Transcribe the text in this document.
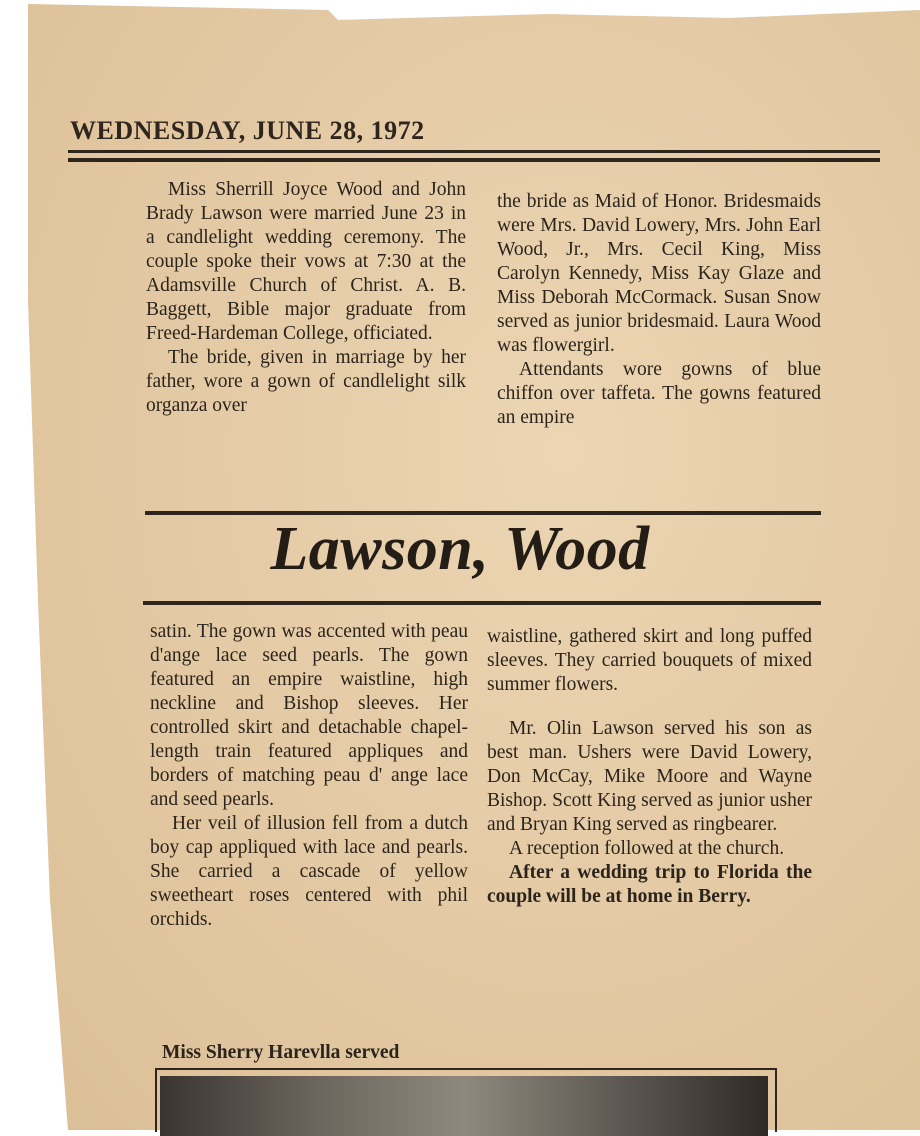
WEDNESDAY, JUNE 28, 1972

Miss Sherrill Joyce Wood and John Brady Lawson were married June 23 in a candlelight wedding ceremony. The couple spoke their vows at 7:30 at the Adamsville Church of Christ. A. B. Baggett, Bible major graduate from Freed-Hardeman College, officiated.

The bride, given in marriage by her father, wore a gown of candlelight silk organza over

the bride as Maid of Honor. Bridesmaids were Mrs. David Lowery, Mrs. John Earl Wood, Jr., Mrs. Cecil King, Miss Carolyn Kennedy, Miss Kay Glaze and Miss Deborah McCormack. Susan Snow served as junior bridesmaid. Laura Wood was flowergirl.

Attendants wore gowns of blue chiffon over taffeta. The gowns featured an empire

Lawson, Wood

satin. The gown was accented with peau d'ange lace seed pearls. The gown featured an empire waistline, high neckline and Bishop sleeves. Her controlled skirt and detachable chapel-length train featured appliques and borders of matching peau d' ange lace and seed pearls.

Her veil of illusion fell from a dutch boy cap appliqued with lace and pearls. She carried a cascade of yellow sweetheart roses centered with phil orchids.

Miss Sherry Harevlla served

waistline, gathered skirt and long puffed sleeves. They carried bouquets of mixed summer flowers.

Mr. Olin Lawson served his son as best man. Ushers were David Lowery, Don McCay, Mike Moore and Wayne Bishop. Scott King served as junior usher and Bryan King served as ringbearer.

A reception followed at the church.

After a wedding trip to Florida the couple will be at home in Berry.
